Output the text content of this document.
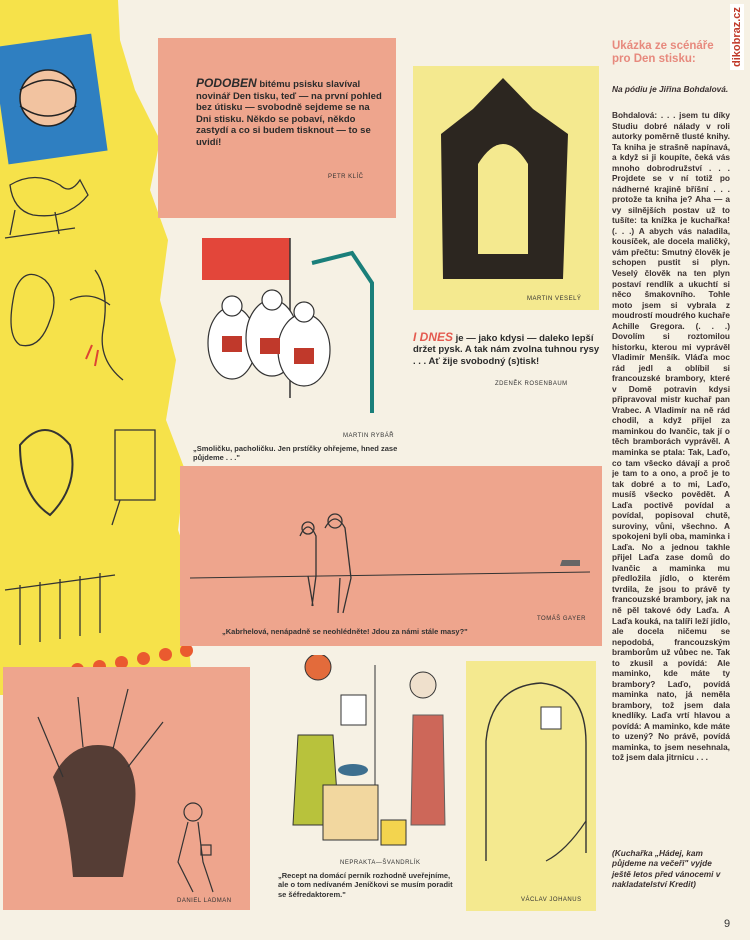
PODOBEN bitému psisku slavíval novinář Den tisku, teď — na první pohled bez útisku — svobodně sejdeme se na Dni stisku. Někdo se pobaví, někdo zastydí a co si budem tisknout — to se uvidí!
PETR KLÍČ
MARTIN VESELÝ
I DNES je — jako kdysi — daleko lepší držet pysk. A tak nám zvolna tuhnou rysy . . . Ať žije svobodný (s)tisk!
ZDENĚK ROSENBAUM
MARTIN RYBÁŘ
„Smoličku, pacholičku. Jen prstíčky ohřejeme, hned zase půjdeme . . ."
TOMÁŠ GAYER
„Kabrhelová, nenápadně se neohlédněte! Jdou za námi stále masy?"
DANIEL LADMAN
NEPRAKTA—ŠVANDRLÍK
„Recept na domácí perník rozhodně uveřejníme, ale o tom nedívaném Jeníčkovi se musím poradit se šéfredaktorem."
VÁCLAV JOHANUS
Ukázka ze scénáře pro Den stisku:
Na pódiu je Jiřina Bohdalová.

Bohdalová: . . . jsem tu díky Studiu dobré nálady v roli autorky poměrně tlusté knihy. Ta kniha je strašně napínavá, a když si ji koupíte, čeká vás mnoho dobrodružství . . . Projdete se v ní totiž po nádherné krajině bříšní . . . protože ta kniha je? Aha — a vy silnějších postav už to tušíte: ta knížka je kuchařka! (. . .) A abych vás naladila, kousíček, ale docela maličký, vám přečtu: Smutný člověk je schopen pustit si plyn. Veselý člověk na ten plyn postaví rendlík a ukuchtí si něco šmakovního. Tohle moto jsem si vybrala z moudrostí moudrého kuchaře Achille Gregora. (. . .) Dovolím si roztomilou historku, kterou mi vyprávěl Vladimír Menšík. Vláďa moc rád jedl a oblíbil si francouzské brambory, které v Domě potravin kdysi připravoval mistr kuchař pan Vrabec. A Vladimír na ně rád chodil, a když přijel za maminkou do Ivančic, tak jí o těch bramborách vyprávěl. A maminka se ptala: Tak, Laďo, co tam všecko dávají a proč je tam to a ono, a proč je to tak dobré a to mi, Laďo, musíš všecko povědět. A Laďa poctivě povídal a povídal, popisoval chutě, suroviny, vůni, všechno. A spokojeni byli oba, maminka i Laďa. No a jednou takhle přijel Laďa zase domů do Ivančic a maminka mu předložila jídlo, o kterém tvrdila, že jsou to právě ty francouzské brambory, jak na ně pěl takové ódy Laďa. A Laďa kouká, na talíři leží jídlo, ale docela ničemu se nepodobá, francouzským bramborům už vůbec ne. Tak to zkusil a povídá: Ale maminko, kde máte ty brambory? Laďo, povídá maminka nato, já neměla brambory, tož jsem dala knedlíky. Laďa vrtí hlavou a povídá: A maminko, kde máte to uzený? No právě, povídá maminka, to jsem nesehnala, tož jsem dala jitrnicu . . .

(Kuchařka „Hádej, kam půjdeme na večeři" vyjde ještě letos před vánocemi v nakladatelství Kredit)
dikobraz.cz
9
